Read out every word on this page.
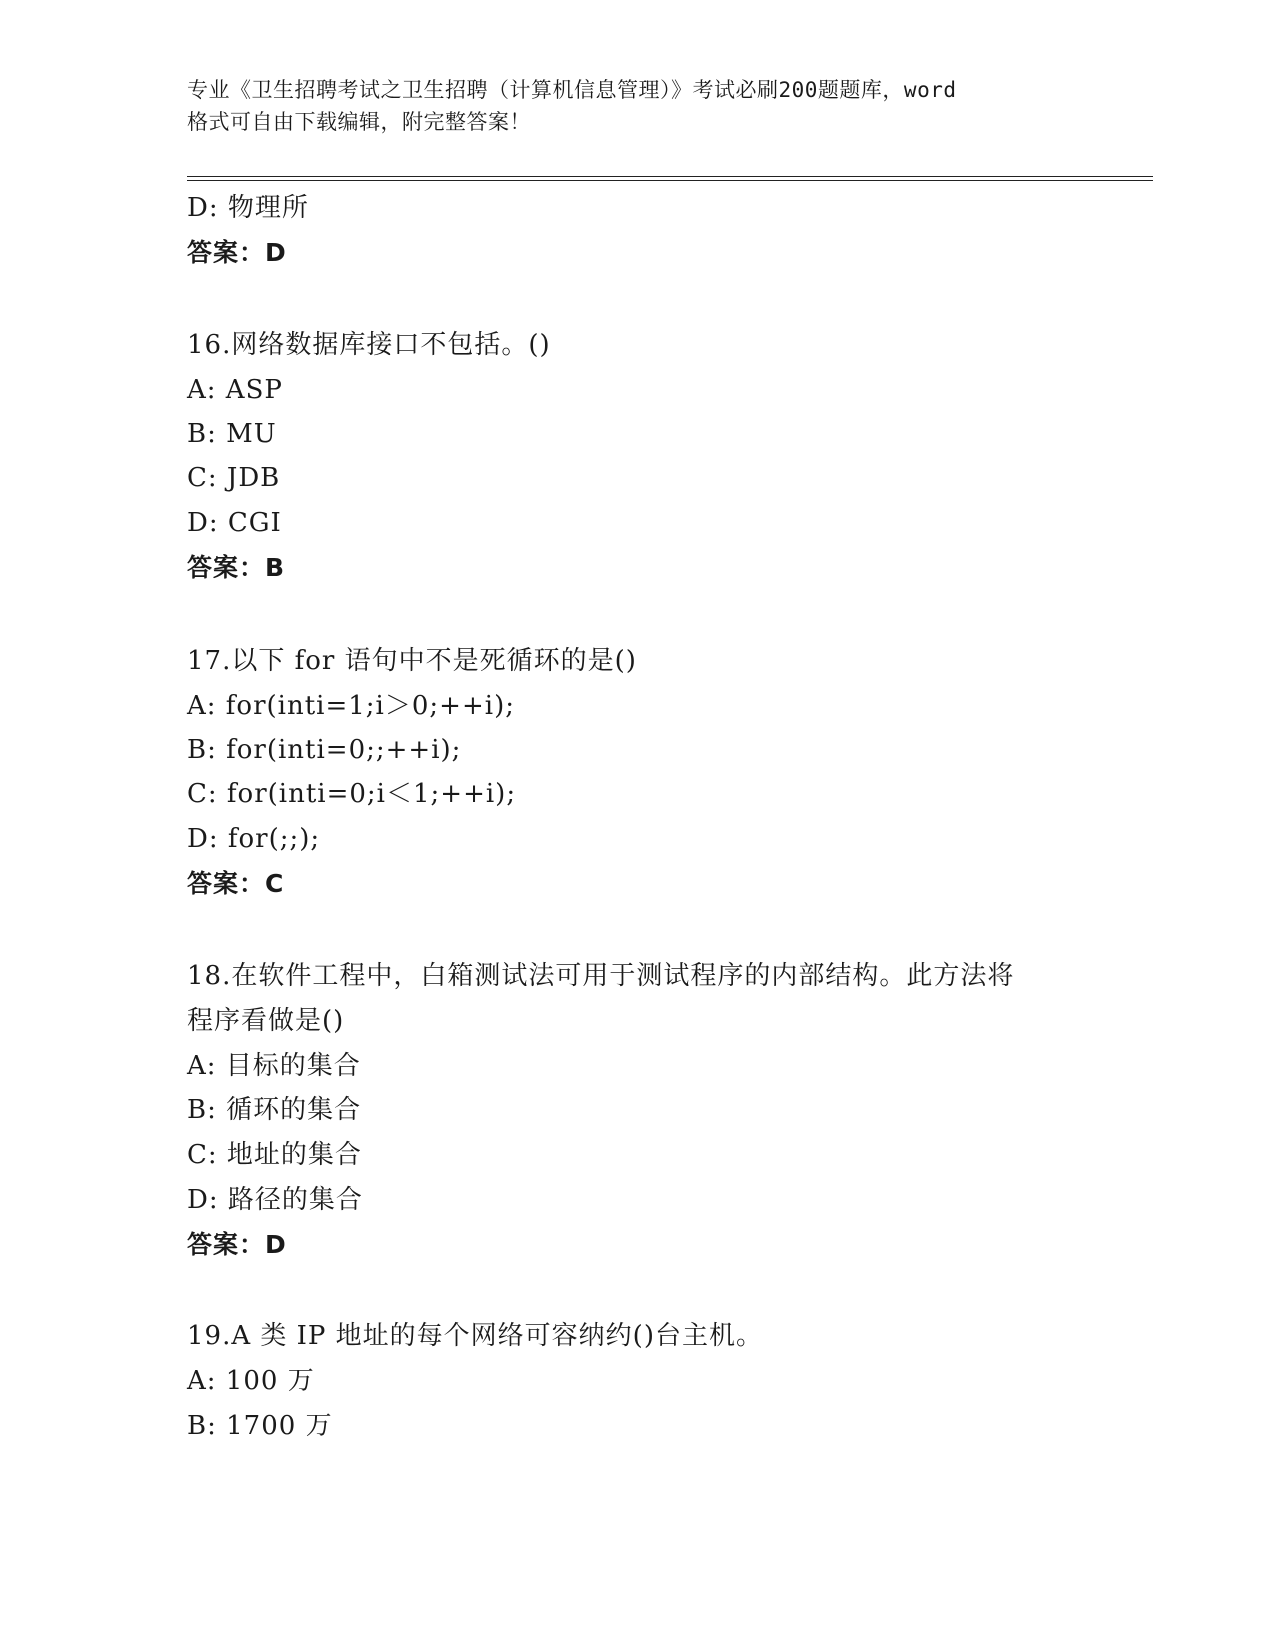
专业《卫生招聘考试之卫生招聘（计算机信息管理）》考试必刷200题题库，word
格式可自由下载编辑，附完整答案！
D: 物理所
答案：D
16.网络数据库接口不包括。()
A: ASP
B: MU
C: JDB
D: CGI
答案：B
17.以下 for 语句中不是死循环的是()
A: for(inti=1;i＞0;++i);
B: for(inti=0;;++i);
C: for(inti=0;i＜1;++i);
D: for(;;);
答案：C
18.在软件工程中，白箱测试法可用于测试程序的内部结构。此方法将
程序看做是()
A: 目标的集合
B: 循环的集合
C: 地址的集合
D: 路径的集合
答案：D
19.A 类 IP 地址的每个网络可容纳约()台主机。
A: 100 万
B: 1700 万
